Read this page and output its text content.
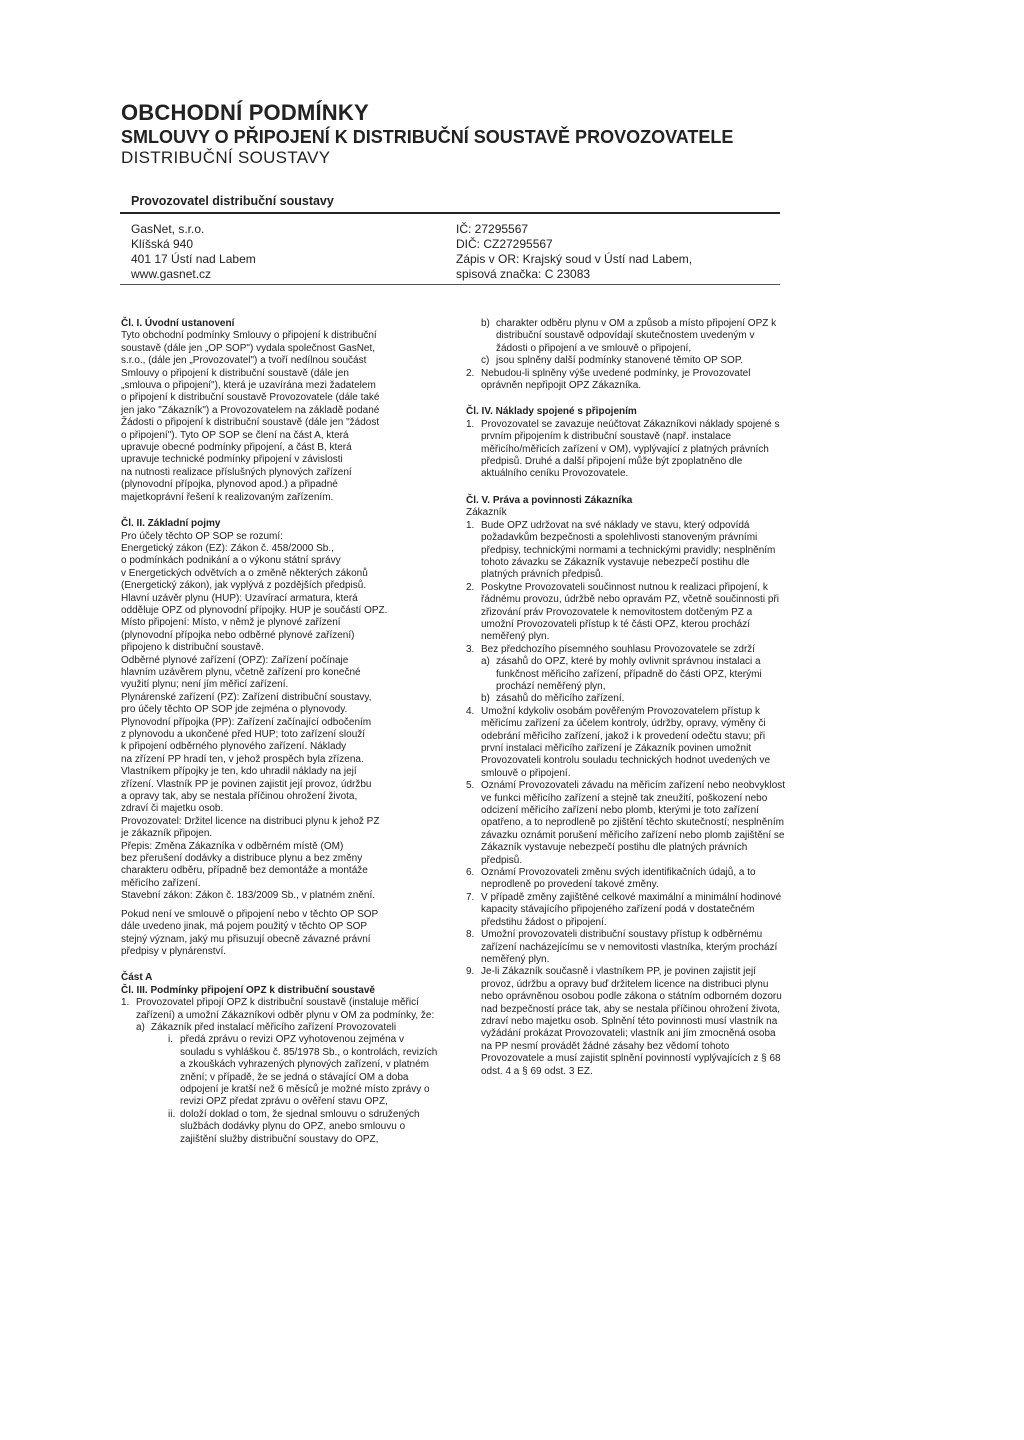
OBCHODNÍ PODMÍNKY
SMLOUVY O PŘIPOJENÍ K DISTRIBUČNÍ SOUSTAVĚ PROVOZOVATELE
DISTRIBUČNÍ SOUSTAVY
Provozovatel distribuční soustavy
GasNet, s.r.o.
Klíšská 940
401 17 Ústí nad Labem
www.gasnet.cz
IČ: 27295567
DIČ: CZ27295567
Zápis v OR: Krajský soud v Ústí nad Labem,
spisová značka: C 23083

Čl. I. Úvodní ustanovení

Tyto obchodní podmínky Smlouvy o připojení k distribuční
soustavě (dále jen „OP SOP") vydala společnost GasNet,
s.r.o., (dále jen „Provozovatel") a tvoří nedílnou součást
Smlouvy o připojení k distribuční soustavě (dále jen
„smlouva o připojení"), která je uzavírána mezi žadatelem
o připojení k distribuční soustavě Provozovatele (dále také
jen jako "Zákazník") a Provozovatelem na základě podané
Žádosti o připojení k distribuční soustavě (dále jen "žádost
o připojení"). Tyto OP SOP se člení na část A, která
upravuje obecné podmínky připojení, a část B, která
upravuje technické podmínky připojení v závislosti
na nutnosti realizace příslušných plynových zařízení
(plynovodní přípojka, plynovod apod.) a připadné
majetkoprávní řešení k realizovaným zařízením.

Čl. II. Základní pojmy

Pro účely těchto OP SOP se rozumí:
Energetický zákon (EZ): Zákon č. 458/2000 Sb.,
o podmínkách podnikání a o výkonu státní správy
v Energetických odvětvích a o změně některých zákonů
(Energetický zákon), jak vyplývá z pozdějších předpisů.
Hlavní uzávěr plynu (HUP): Uzavírací armatura, která
odděluje OPZ od plynovodní přípojky. HUP je součástí OPZ.
Místo připojení: Místo, v němž je plynové zařízení
(plynovodní přípojka nebo odběrné plynové zařízení)
připojeno k distribuční soustavě.
Odběrné plynové zařízení (OPZ): Zařízení počínaje
hlavním uzávěrem plynu, včetně zařízení pro konečné
využití plynu; není jím měřicí zařízení.
Plynárenské zařízení (PZ): Zařízení distribuční soustavy,
pro účely těchto OP SOP jde zejména o plynovody.
Plynovodní přípojka (PP): Zařízení začínající odbočením
z plynovodu a ukončené před HUP; toto zařízení slouží
k připojení odběrného plynového zařízení. Náklady
na zřízení PP hradí ten, v jehož prospěch byla zřízena.
Vlastníkem přípojky je ten, kdo uhradil náklady na její
zřízení. Vlastník PP je povinen zajistit její provoz, údržbu
a opravy tak, aby se nestala příčinou ohrožení života,
zdraví či majetku osob.
Provozovatel: Držitel licence na distribuci plynu k jehož PZ
je zákazník připojen.
Přepis: Změna Zákazníka v odběrném místě (OM)
bez přerušení dodávky a distribuce plynu a bez změny
charakteru odběru, případně bez demontáže a montáže
měřicího zařízení.
Stavební zákon: Zákon č. 183/2009 Sb., v platném znění.
Pokud není ve smlouvě o připojení nebo v těchto OP SOP
dále uvedeno jinak, má pojem použitý v těchto OP SOP
stejný význam, jaký mu přisuzují obecně závazné právní
předpisy v plynárenství.

Část A

Čl. III. Podmínky připojení OPZ k distribuční soustavě

1. Provozovatel připojí OPZ k distribuční soustavě (instaluje měřicí zařízení) a umožní Zákazníkovi odběr plynu v OM za podmínky, že:
a) Zákazník před instalací měřicího zařízení Provozovateli
i. předá zprávu o revizi OPZ vyhotovenou zejména v souladu s vyhláškou č. 85/1978 Sb., o kontrolách, revizích a zkouškách vyhrazených plynových zařízení, v platném znění; v případě, že se jedná o stávající OM a doba odpojení je kratší než 6 měsíců je možné místo zprávy o revizi OPZ předat zprávu o ověření stavu OPZ,
ii. doloží doklad o tom, že sjednal smlouvu o sdružených službách dodávky plynu do OPZ, anebo smlouvu o zajištění služby distribuční soustavy do OPZ,
b) charakter odběru plynu v OM a způsob a místo připojení OPZ k distribuční soustavě odpovídají skutečnostem uvedeným v žádosti o připojení a ve smlouvě o připojení,
c) jsou splněny další podmínky stanovené těmito OP SOP.
2. Nebudou-li splněny výše uvedené podmínky, je Provozovatel oprávněn nepřipojit OPZ Zákazníka.

Čl. IV. Náklady spojené s připojením

1. Provozovatel se zavazuje neúčtovat Zákazníkovi náklady spojené s prvním připojením k distribuční soustavě (např. instalace měřicího/měřicích zařízení v OM), vyplývající z platných právních předpisů. Druhé a další připojení může být zpoplatněno dle aktuálního ceníku Provozovatele.

Čl. V. Práva a povinnosti Zákazníka

Zákazník

1. Bude OPZ udržovat na své náklady ve stavu, který odpovídá požadavkům bezpečnosti a spolehlivosti stanoveným právními předpisy, technickými normami a technickými pravidly; nesplněním tohoto závazku se Zákazník vystavuje nebezpečí postihu dle platných právních předpisů.
2. Poskytne Provozovateli součinnost nutnou k realizaci připojení, k řádnému provozu, údržbě nebo opravám PZ, včetně součinnosti při zřizování práv Provozovatele k nemovitostem dotčeným PZ a umožní Provozovateli přístup k té části OPZ, kterou prochází neměřený plyn.
3. Bez předchozího písemného souhlasu Provozovatele se zdrží
a) zásahů do OPZ, které by mohly ovlivnit správnou instalaci a funkčnost měřicího zařízení, případně do části OPZ, kterými prochází neměřený plyn,
b) zásahů do měřicího zařízení.
4. Umožní kdykoliv osobám pověřeným Provozovatelem přístup k měřicímu zařízení za účelem kontroly, údržby, opravy, výměny či odebrání měřicího zařízení, jakož i k provedení odečtu stavu; při první instalaci měřicího zařízení je Zákazník povinen umožnit Provozovateli kontrolu souladu technických hodnot uvedených ve smlouvě o připojení.
5. Oznámí Provozovateli závadu na měřicím zařízení nebo neobvyklost ve funkci měřicího zařízení a stejně tak zneužití, poškození nebo odcizení měřicího zařízení nebo plomb, kterými je toto zařízení opatřeno, a to neprodleně po zjištění těchto skutečností; nesplněním závazku oznámit porušení měřicího zařízení nebo plomb zajištění se Zákazník vystavuje nebezpečí postihu dle platných právních předpisů.
6. Oznámí Provozovateli změnu svých identifikačních údajů, a to neprodleně po provedení takové změny.
7. V případě změny zajištěné celkové maximální a minimální hodinové kapacity stávajícího připojeného zařízení podá v dostatečném předstihu žádost o připojení.
8. Umožní provozovateli distribuční soustavy přístup k odběrnému zařízení nacházejícímu se v nemovitosti vlastníka, kterým prochází neměřený plyn.
9. Je-li Zákazník současně i vlastníkem PP, je povinen zajistit její provoz, údržbu a opravy buď držitelem licence na distribuci plynu nebo oprávněnou osobou podle zákona o státním odborném dozoru nad bezpečností práce tak, aby se nestala příčinou ohrožení života, zdraví nebo majetku osob. Splnění této povinnosti musí vlastník na vyžádání prokázat Provozovateli; vlastník ani jím zmocněná osoba na PP nesmí provádět žádné zásahy bez vědomí tohoto Provozovatele a musí zajistit splnění povinností vyplývajících z § 68 odst. 4 a § 69 odst. 3 EZ.
